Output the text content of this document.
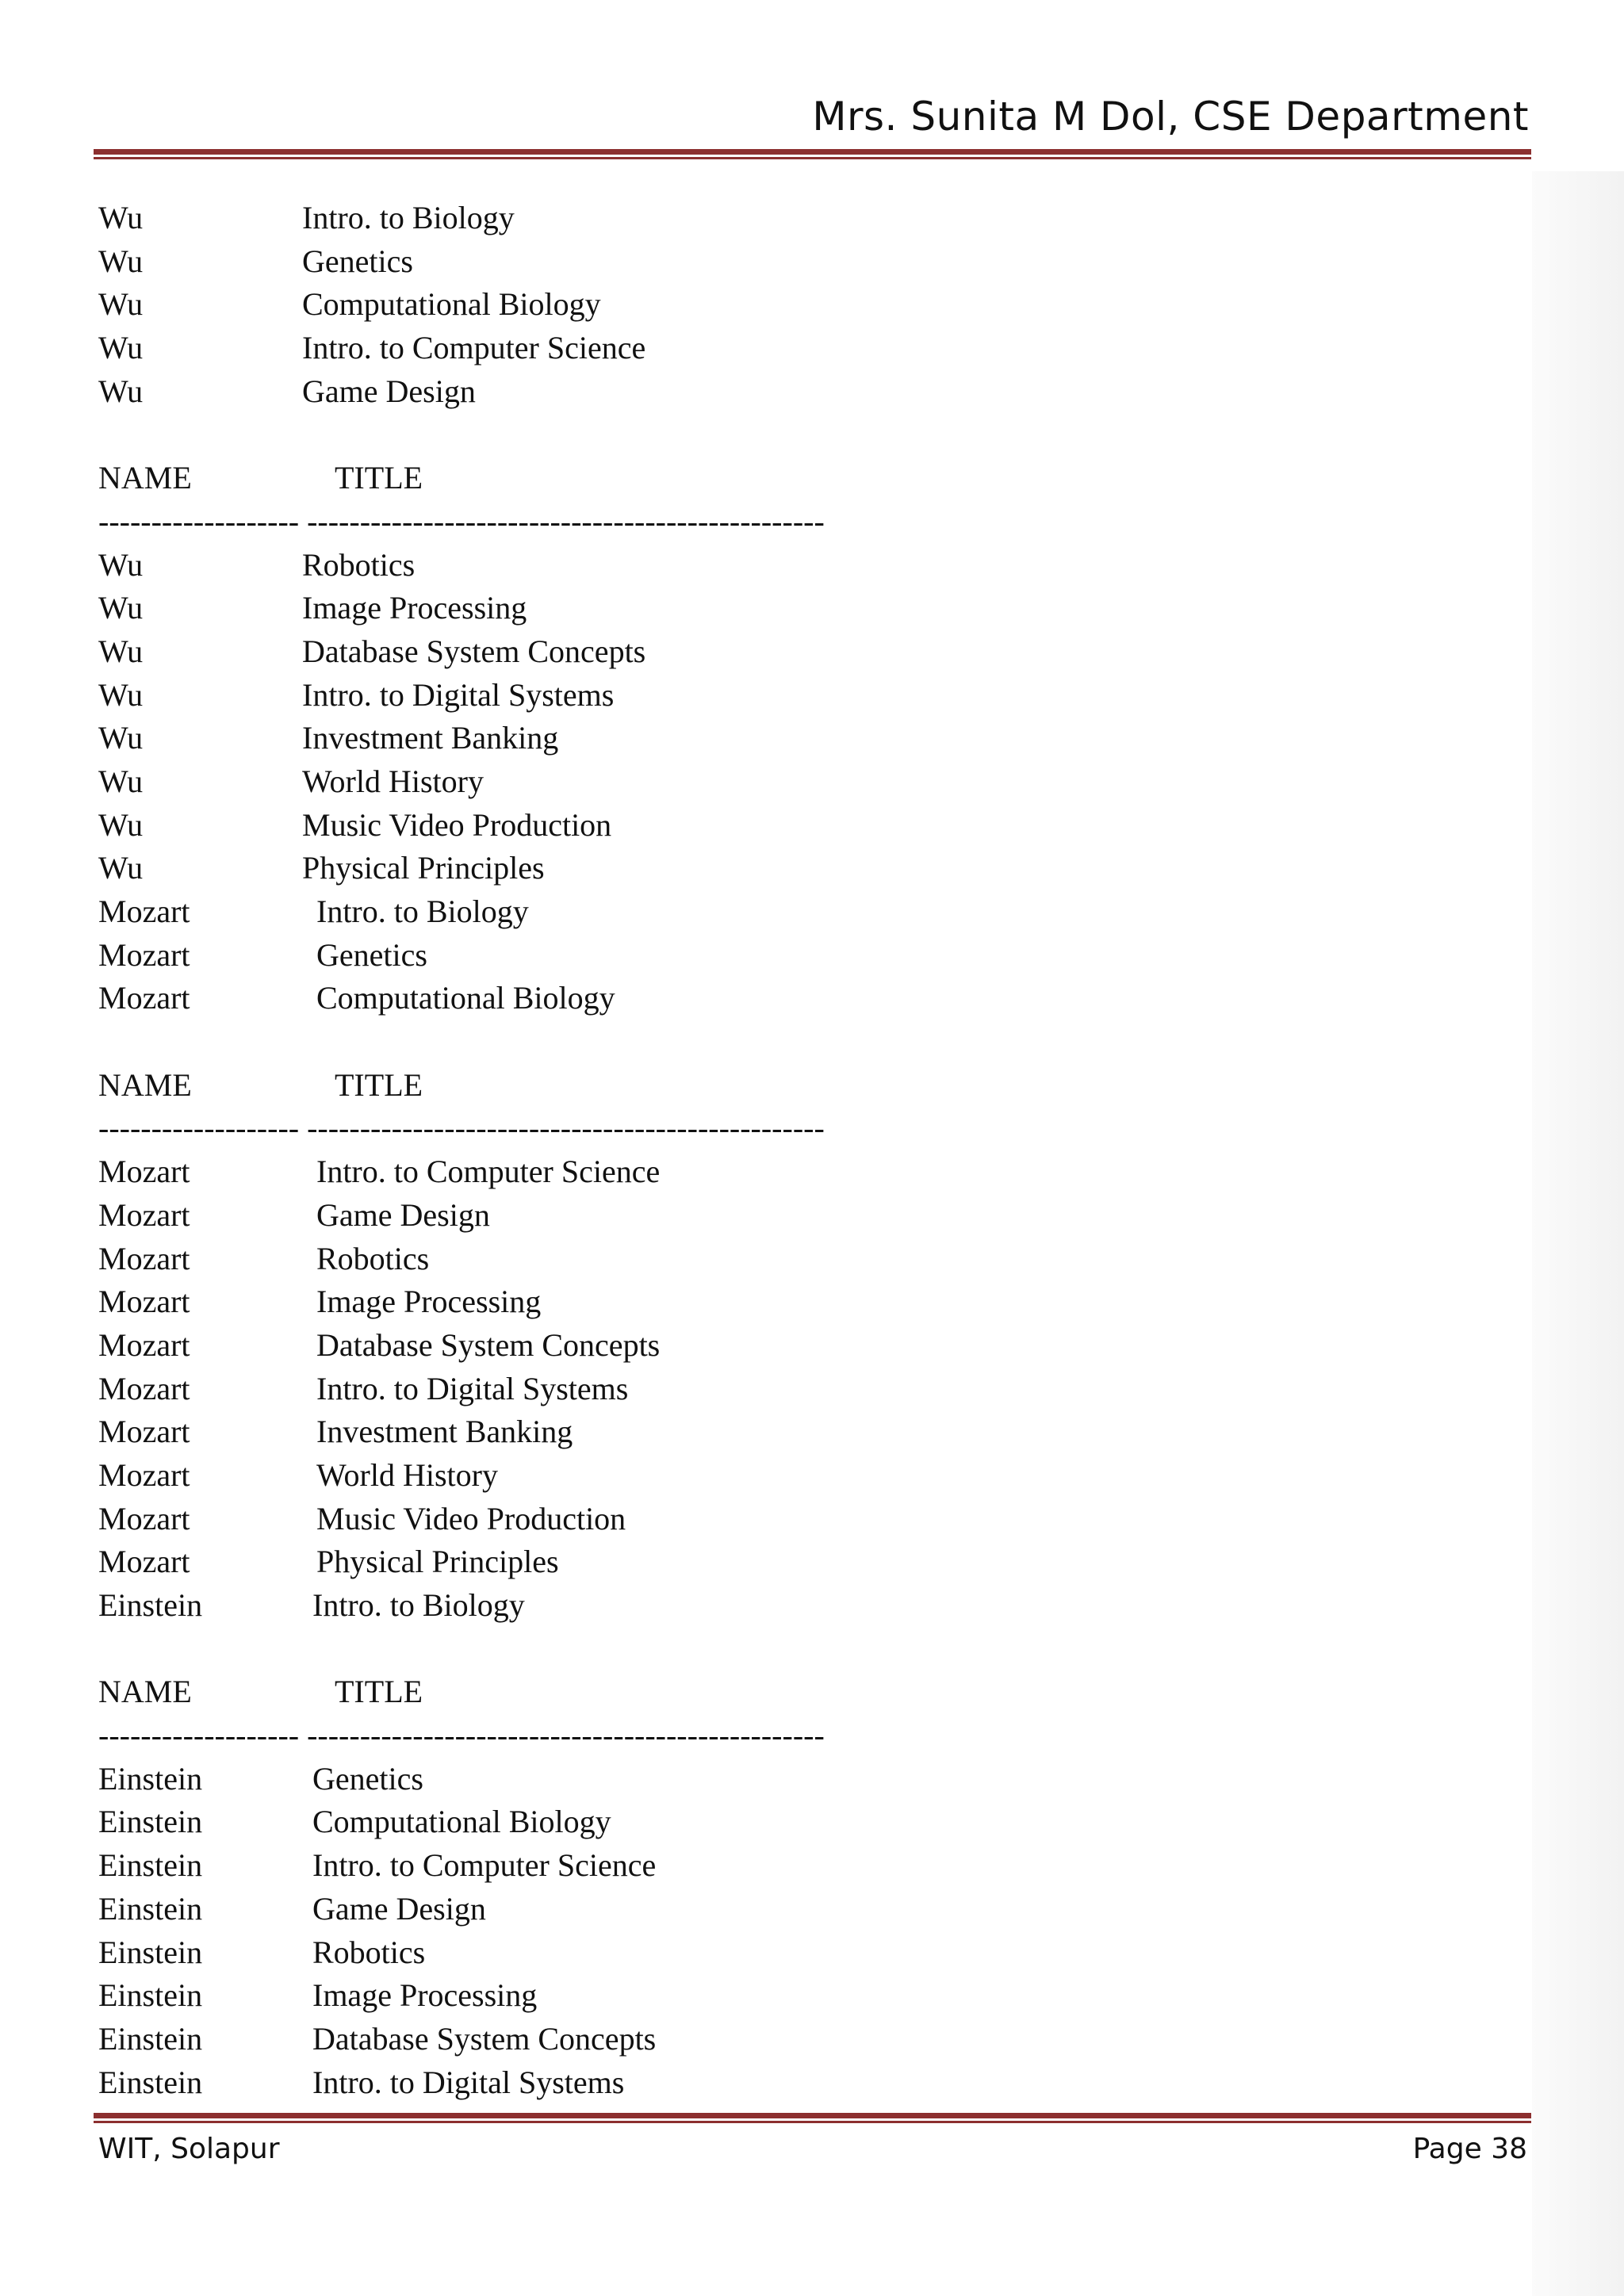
Mrs. Sunita M Dol, CSE Department
Wu	Intro. to Biology
Wu	Genetics
Wu	Computational Biology
Wu	Intro. to Computer Science
Wu	Game Design
NAME	TITLE
------------------- -------------------------------------------------
Wu	Robotics
Wu	Image Processing
Wu	Database System Concepts
Wu	Intro. to Digital Systems
Wu	Investment Banking
Wu	World History
Wu	Music Video Production
Wu	Physical Principles
Mozart	Intro. to Biology
Mozart	Genetics
Mozart	Computational Biology
NAME	TITLE
------------------- -------------------------------------------------
Mozart	Intro. to Computer Science
Mozart	Game Design
Mozart	Robotics
Mozart	Image Processing
Mozart	Database System Concepts
Mozart	Intro. to Digital Systems
Mozart	Investment Banking
Mozart	World History
Mozart	Music Video Production
Mozart	Physical Principles
Einstein	Intro. to Biology
NAME	TITLE
------------------- -------------------------------------------------
Einstein	Genetics
Einstein	Computational Biology
Einstein	Intro. to Computer Science
Einstein	Game Design
Einstein	Robotics
Einstein	Image Processing
Einstein	Database System Concepts
Einstein	Intro. to Digital Systems
WIT, Solapur	Page 38
